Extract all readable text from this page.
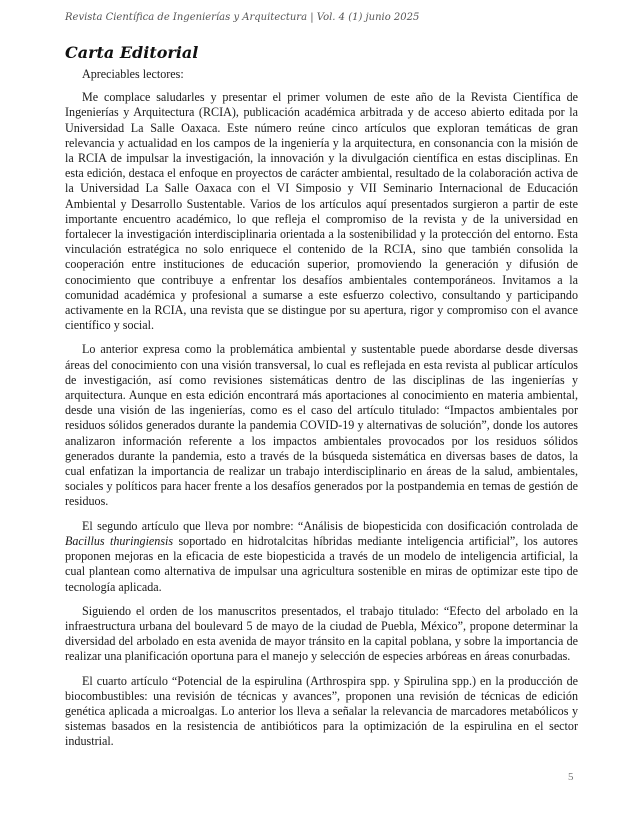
Revista Científica de Ingenierías y Arquitectura | Vol. 4 (1) junio 2025
Carta Editorial

Apreciables lectores:

Me complace saludarles y presentar el primer volumen de este año de la Revista Científica de Ingenierías y Arquitectura (RCIA), publicación académica arbitrada y de acceso abierto editada por la Universidad La Salle Oaxaca. Este número reúne cinco artículos que exploran temáticas de gran relevancia y actualidad en los campos de la ingeniería y la arquitectura, en consonancia con la misión de la RCIA de impulsar la investigación, la innovación y la divulgación científica en estas disciplinas. En esta edición, destaca el enfoque en proyectos de carácter ambiental, resultado de la colaboración activa de la Universidad La Salle Oaxaca con el VI Simposio y VII Seminario Internacional de Educación Ambiental y Desarrollo Sustentable. Varios de los artículos aquí presentados surgieron a partir de este importante encuentro académico, lo que refleja el compromiso de la revista y de la universidad en fortalecer la investigación interdisciplinaria orientada a la sostenibilidad y la protección del entorno. Esta vinculación estratégica no solo enriquece el contenido de la RCIA, sino que también consolida la cooperación entre instituciones de educación superior, promoviendo la generación y difusión de conocimiento que contribuye a enfrentar los desafíos ambientales contemporáneos. Invitamos a la comunidad académica y profesional a sumarse a este esfuerzo colectivo, consultando y participando activamente en la RCIA, una revista que se distingue por su apertura, rigor y compromiso con el avance científico y social.

Lo anterior expresa como la problemática ambiental y sustentable puede abordarse desde diversas áreas del conocimiento con una visión transversal, lo cual es reflejada en esta revista al publicar artículos de investigación, así como revisiones sistemáticas dentro de las disciplinas de las ingenierías y arquitectura. Aunque en esta edición encontrará más aportaciones al conocimiento en materia ambiental, desde una visión de las ingenierías, como es el caso del artículo titulado: “Impactos ambientales por residuos sólidos generados durante la pandemia COVID-19 y alternativas de solución”, donde los autores analizaron información referente a los impactos ambientales provocados por los residuos sólidos generados durante la pandemia, esto a través de la búsqueda sistemática en diversas bases de datos, la cual enfatizan la importancia de realizar un trabajo interdisciplinario en áreas de la salud, ambientales, sociales y políticos para hacer frente a los desafíos generados por la postpandemia en temas de gestión de residuos.

El segundo artículo que lleva por nombre: “Análisis de biopesticida con dosificación controlada de Bacillus thuringiensis soportado en hidrotalcitas híbridas mediante inteligencia artificial”, los autores proponen mejoras en la eficacia de este biopesticida a través de un modelo de inteligencia artificial, la cual plantean como alternativa de impulsar una agricultura sostenible en miras de optimizar este tipo de tecnología aplicada.

Siguiendo el orden de los manuscritos presentados, el trabajo titulado: “Efecto del arbolado en la infraestructura urbana del boulevard 5 de mayo de la ciudad de Puebla, México”, propone determinar la diversidad del arbolado en esta avenida de mayor tránsito en la capital poblana, y sobre la importancia de realizar una planificación oportuna para el manejo y selección de especies arbóreas en áreas conurbadas.

El cuarto artículo “Potencial de la espirulina (Arthrospira spp. y Spirulina spp.) en la producción de biocombustibles: una revisión de técnicas y avances”, proponen una revisión de técnicas de edición genética aplicada a microalgas. Lo anterior los lleva a señalar la relevancia de marcadores metabólicos y sistemas basados en la resistencia de antibióticos para la optimización de la espirulina en el sector industrial.

5
